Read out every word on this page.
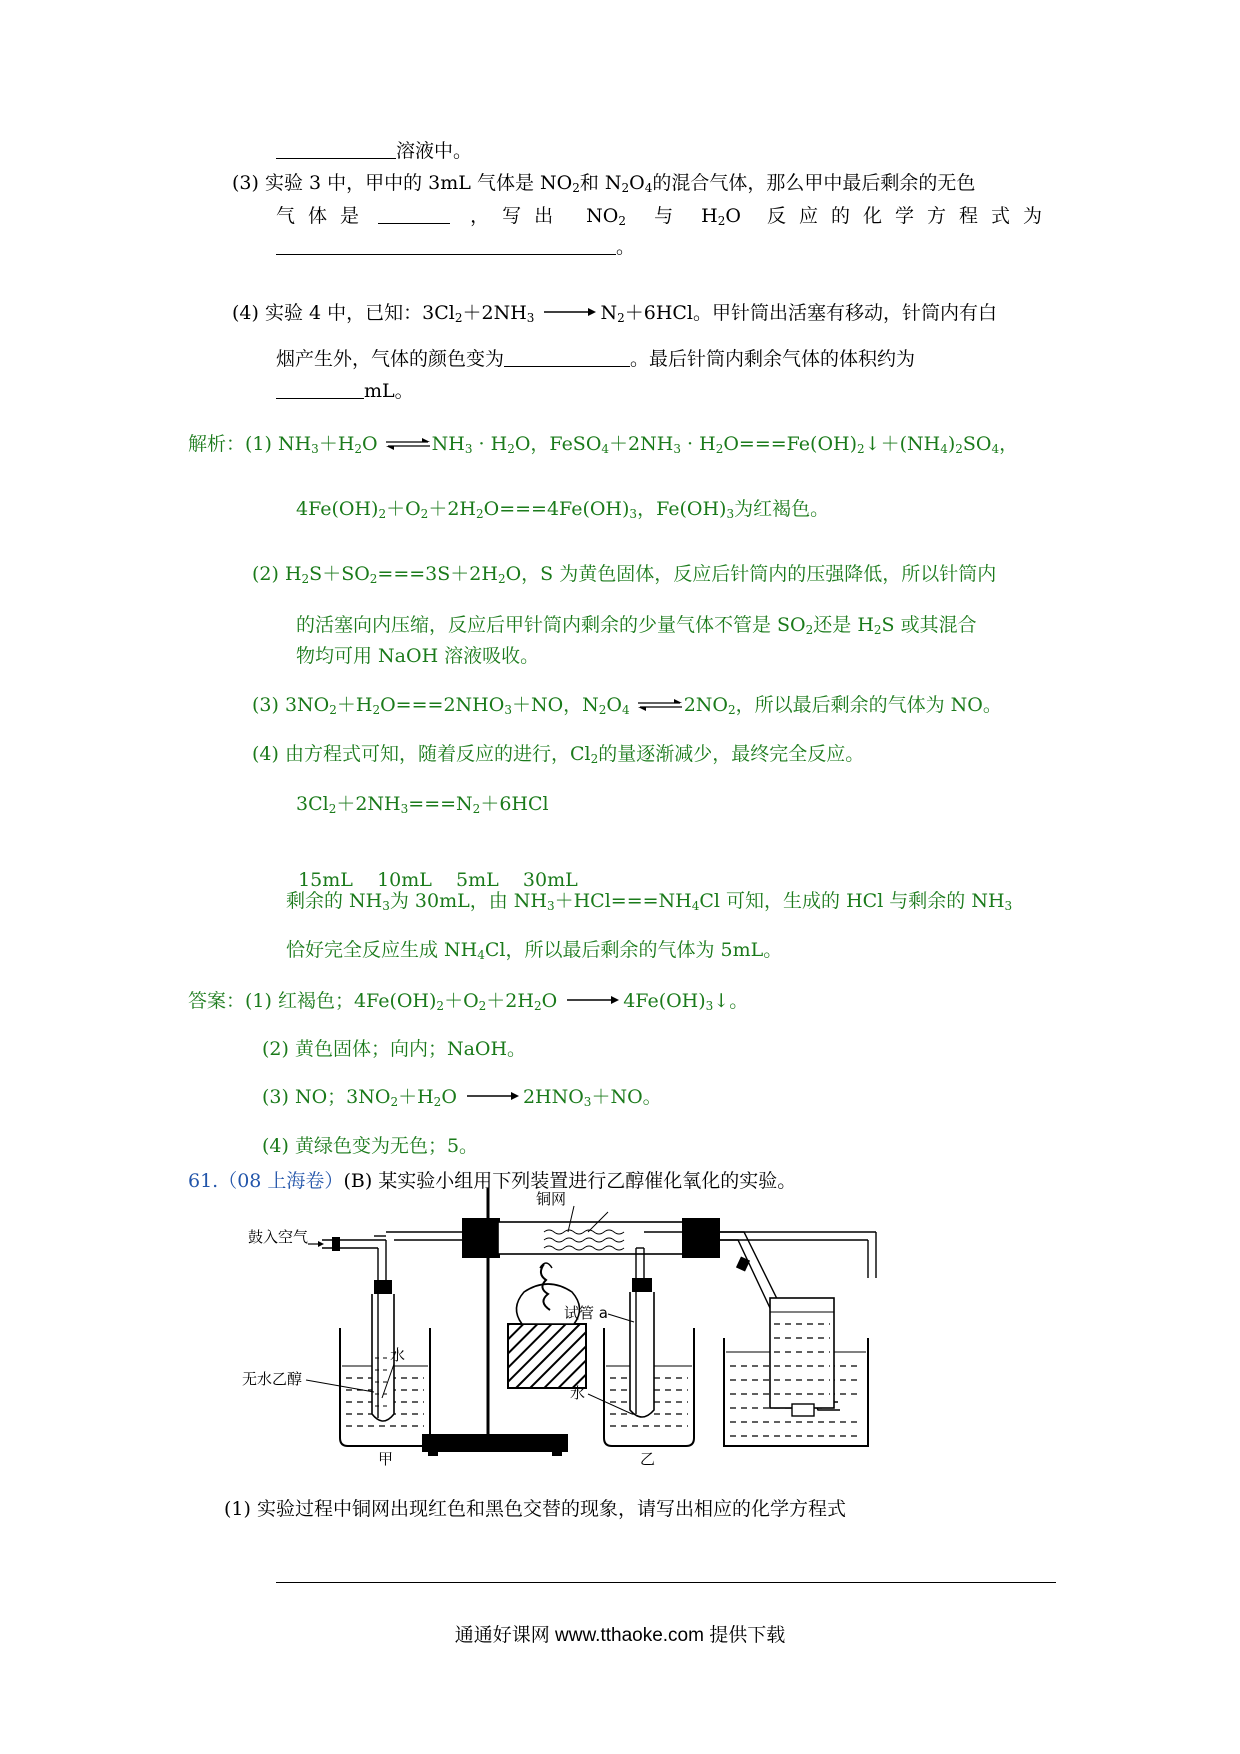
溶液中。
(3) 实验 3 中，甲中的 3mL 气体是 $NO_2$和 $N_2O_4$的混合气体，那么甲中最后剩余的无色
气体是	，写出 $NO_2$ 与 $H_2O$ 反应的化学方程式为
。
(4) 实验 4 中，已知：$3Cl_2+2NH_3 \to N_2+6HCl$。甲针筒出活塞有移动，针筒内有白
烟产生外，气体的颜色变为	。最后针筒内剩余气体的体积约为
mL。
解析：(1) $NH_3+H_2O$ ⇌ $NH_3 \cdot H_2O$，$FeSO_4+2NH_3$ · $H_2O===Fe(OH)_2↓+(NH_4)_2SO_4$，
$4Fe(OH)_2+O_2+2H_2O===4Fe(OH)_3$，$Fe(OH)_3$为红褐色。
(2) $H_2S+SO_2===3S+2H_2O$，S 为黄色固体，反应后针筒内的压强降低，所以针筒内
的活塞向内压缩，反应后甲针筒内剩余的少量气体不管是 $SO_2$还是 $H_2S$ 或其混合
物均可用 NaOH 溶液吸收。
(3) $3NO_2+H_2O===2NHO_3+NO$，$N_2O_4$ ⇌ $2NO_2$，所以最后剩余的气体为 NO。
(4) 由方程式可知，随着反应的进行，$Cl_2$的量逐渐减少，最终完全反应。
$3Cl_2+2NH_3===N_2+6HCl$

15mL    10mL    5mL    30mL

剩余的 $NH_3$为 30mL，由 $NH_3+HCl===NH_4Cl$ 可知，生成的 HCl 与剩余的 $NH_3$
恰好完全反应生成 $NH_4Cl$，所以最后剩余的气体为 5mL。
答案：(1) 红褐色；$4Fe(OH)_2+O_2+2H_2O$ → $4Fe(OH)_3↓$。
(2) 黄色固体；向内；NaOH。
(3) NO；$3NO_2+H_2O \to 2HNO_3+NO$。
(4) 黄绿色变为无色；5。
61.（08 上海卷）(B) 某实验小组用下列装置进行乙醇催化氧化的实验。
铜网
鼓入空气
无水乙醇
水
试管 a
水
甲	乙
(1) 实验过程中铜网出现红色和黑色交替的现象，请写出相应的化学方程式
通通好课网 www.tthaoke.com 提供下载
